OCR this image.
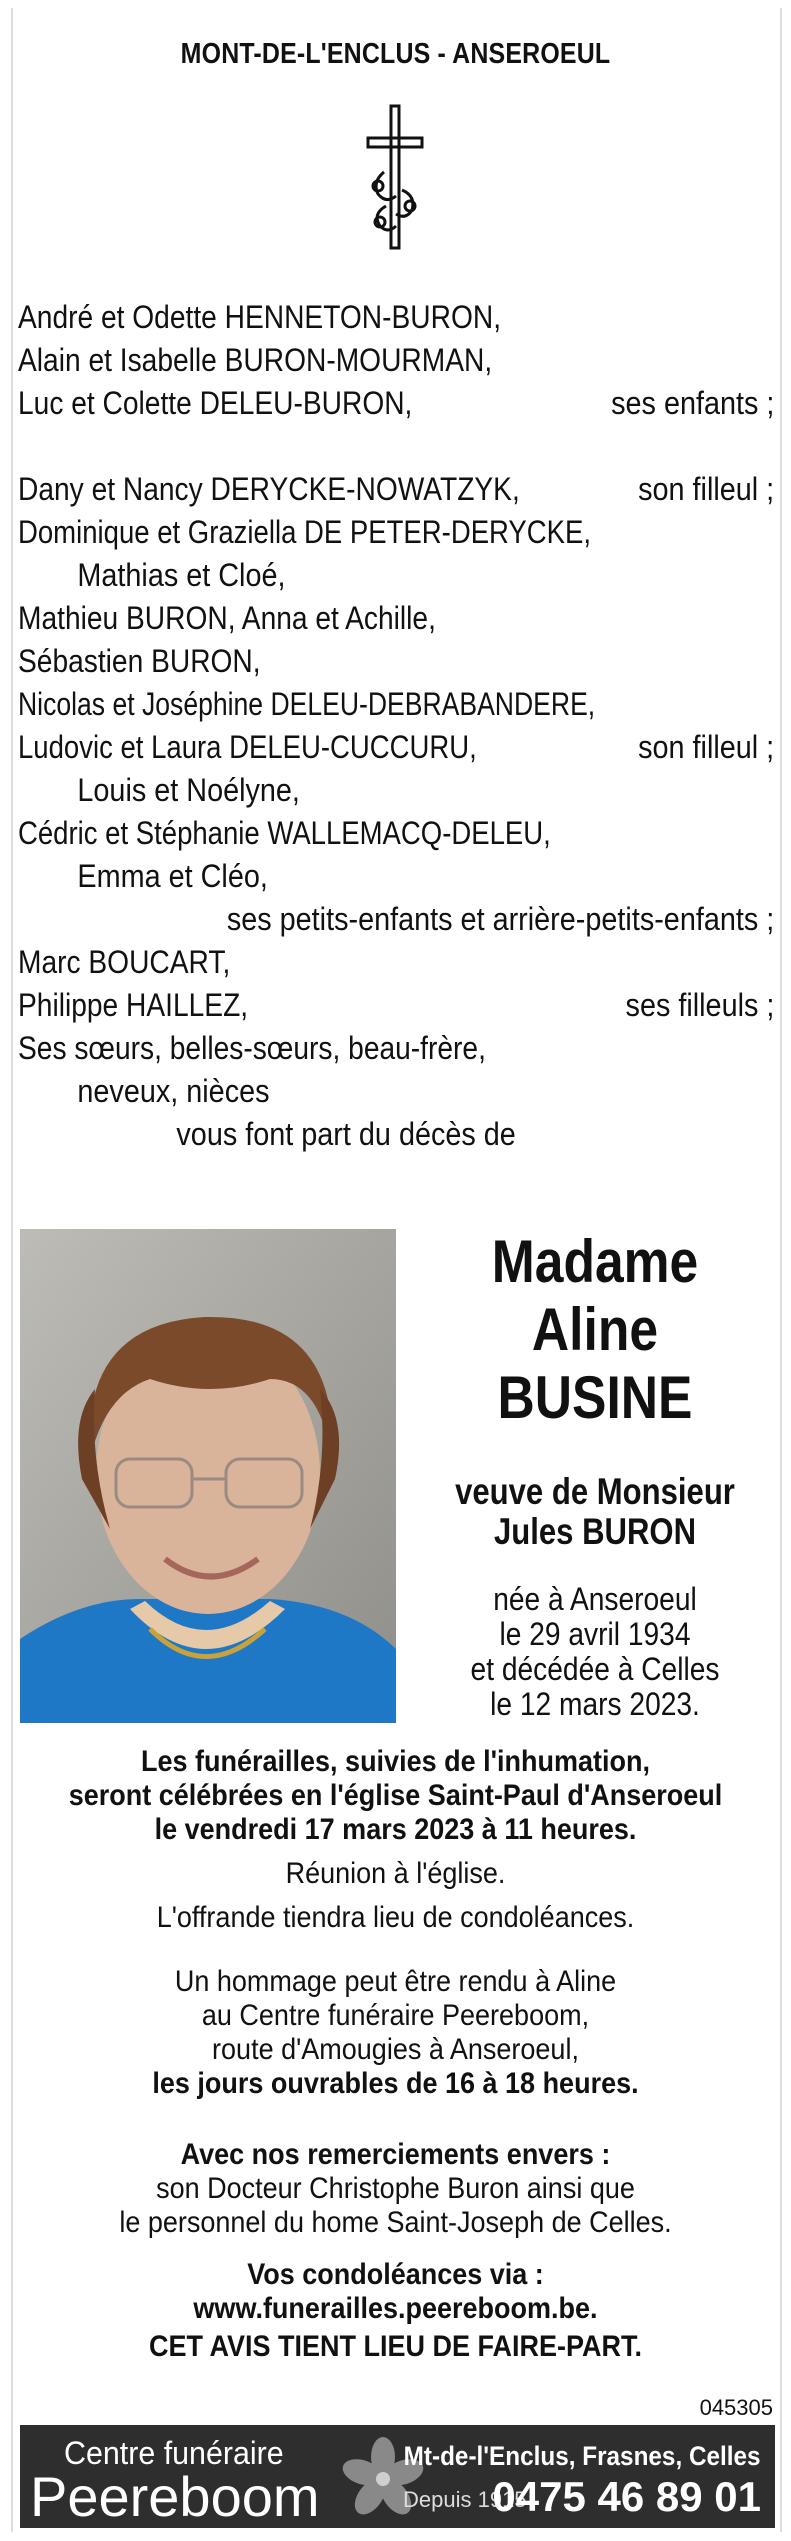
MONT-DE-L'ENCLUS - ANSEROEUL
André et Odette HENNETON-BURON,
Alain et Isabelle BURON-MOURMAN,
Luc et Colette DELEU-BURON,	ses enfants ;
Dany et Nancy DERYCKE-NOWATZYK,	son filleul ;
Dominique et Graziella DE PETER-DERYCKE,
Mathias et Cloé,
Mathieu BURON, Anna et Achille,
Sébastien BURON,
Nicolas et Joséphine DELEU-DEBRABANDERE,
Ludovic et Laura DELEU-CUCCURU,	son filleul ;
Louis et Noélyne,
Cédric et Stéphanie WALLEMACQ-DELEU,
Emma et Cléo,
ses petits-enfants et arrière-petits-enfants ;
Marc BOUCART,
Philippe HAILLEZ,	ses filleuls ;
Ses sœurs, belles-sœurs, beau-frère,
neveux, nièces
vous font part du décès de
Madame
Aline
BUSINE
veuve de Monsieur
Jules BURON
née à Anseroeul
le 29 avril 1934
et décédée à Celles
le 12 mars 2023.
Les funérailles, suivies de l'inhumation,
seront célébrées en l'église Saint-Paul d'Anseroeul
le vendredi 17 mars 2023 à 11 heures.
Réunion à l'église.
L'offrande tiendra lieu de condoléances.
Un hommage peut être rendu à Aline
au Centre funéraire Peereboom,
route d'Amougies à Anseroeul,
les jours ouvrables de 16 à 18 heures.
Avec nos remerciements envers :
son Docteur Christophe Buron ainsi que
le personnel du home Saint-Joseph de Celles.
Vos condoléances via :
www.funerailles.peereboom.be.
CET AVIS TIENT LIEU DE FAIRE-PART.
045305
Centre funéraire
Peereboom	Depuis 1915
Mt-de-l'Enclus, Frasnes, Celles
0475 46 89 01
